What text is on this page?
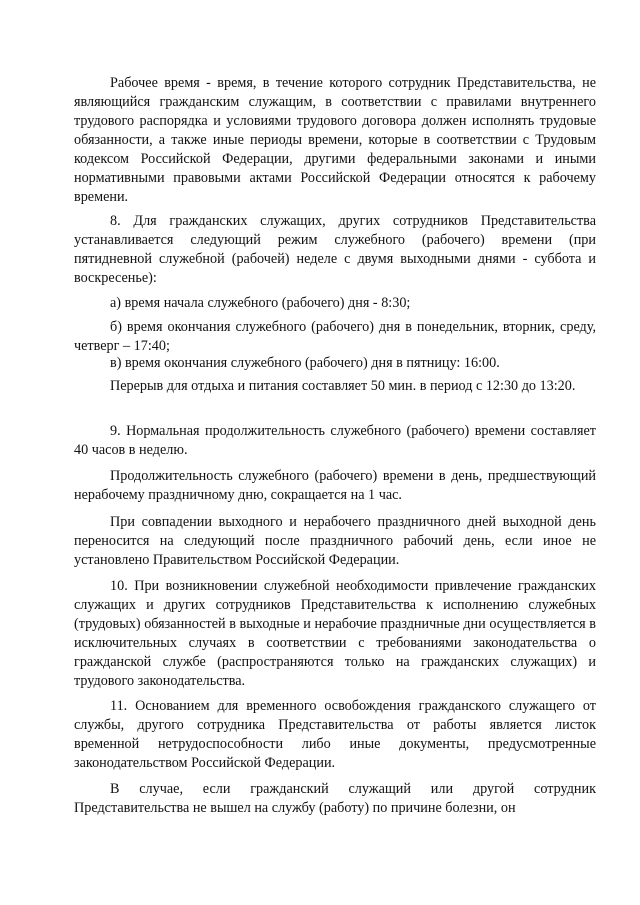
Рабочее время - время, в течение которого сотрудник Представительства, не являющийся гражданским служащим, в соответствии с правилами внутреннего трудового распорядка и условиями трудового договора должен исполнять трудовые обязанности, а также иные периоды времени, которые в соответствии с Трудовым кодексом Российской Федерации, другими федеральными законами и иными нормативными правовыми актами Российской Федерации относятся к рабочему времени.

8. Для гражданских служащих, других сотрудников Представительства устанавливается следующий режим служебного (рабочего) времени (при пятидневной служебной (рабочей) неделе с двумя выходными днями - суббота и воскресенье):

а) время начала служебного (рабочего) дня - 8:30;

б) время окончания служебного (рабочего) дня в понедельник, вторник, среду, четверг – 17:40;

в) время окончания служебного (рабочего) дня в пятницу: 16:00.

Перерыв для отдыха и питания составляет 50 мин. в период с 12:30 до 13:20.

9. Нормальная продолжительность служебного (рабочего) времени составляет 40 часов в неделю.

Продолжительность служебного (рабочего) времени в день, предшествующий нерабочему праздничному дню, сокращается на 1 час.

При совпадении выходного и нерабочего праздничного дней выходной день переносится на следующий после праздничного рабочий день, если иное не установлено Правительством Российской Федерации.

10. При возникновении служебной необходимости привлечение гражданских служащих и других сотрудников Представительства к исполнению служебных (трудовых) обязанностей в выходные и нерабочие праздничные дни осуществляется в исключительных случаях в соответствии с требованиями законодательства о гражданской службе (распространяются только на гражданских служащих) и трудового законодательства.

11. Основанием для временного освобождения гражданского служащего от службы, другого сотрудника Представительства от работы является листок временной нетрудоспособности либо иные документы, предусмотренные законодательством Российской Федерации.

В случае, если гражданский служащий или другой сотрудник Представительства не вышел на службу (работу) по причине болезни, он
